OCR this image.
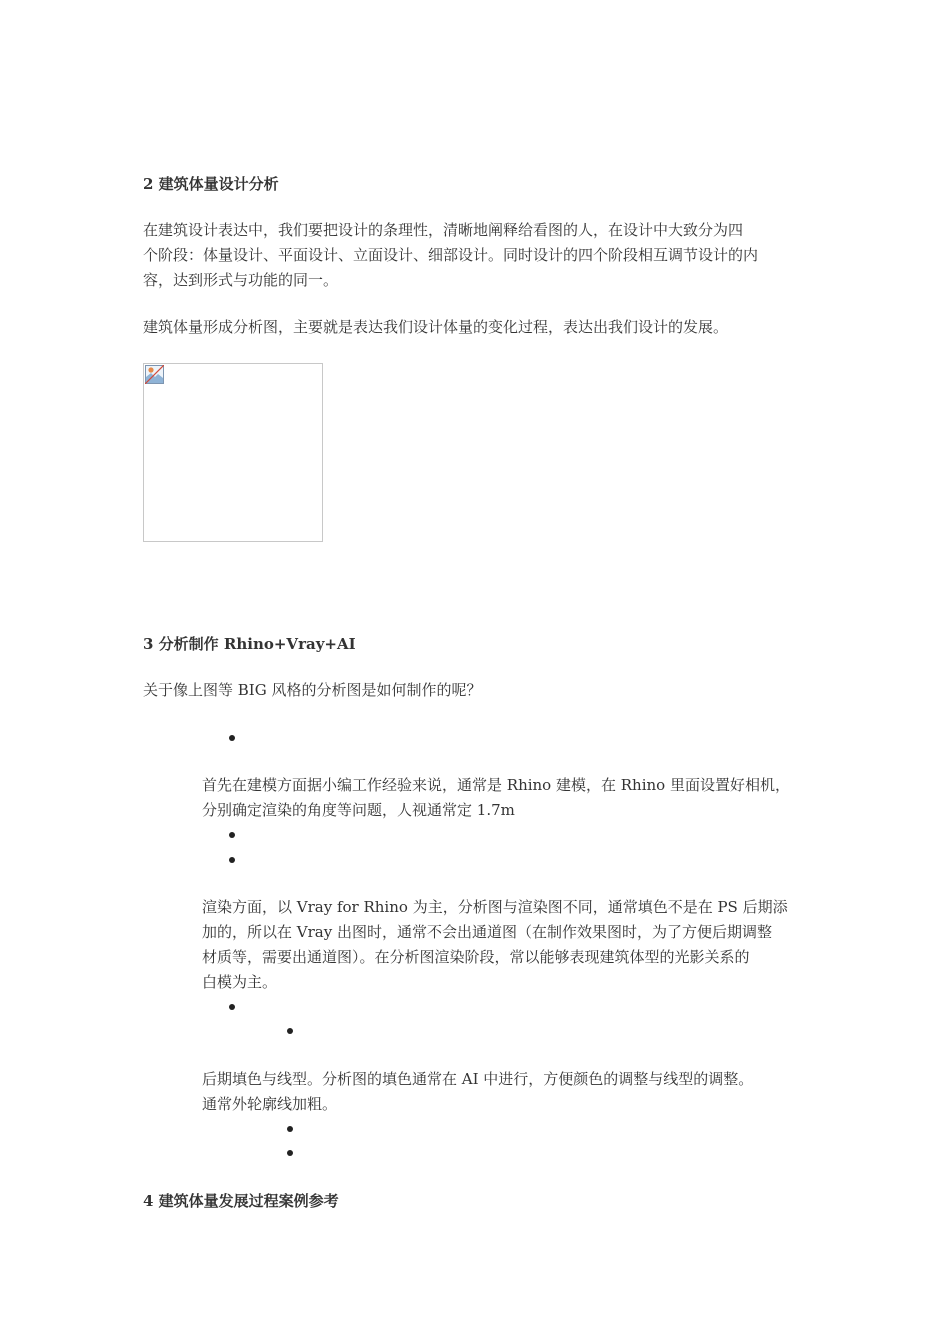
2 建筑体量设计分析
在建筑设计表达中，我们要把设计的条理性，清晰地阐释给看图的人，在设计中大致分为四
个阶段：体量设计、平面设计、立面设计、细部设计。同时设计的四个阶段相互调节设计的内
容，达到形式与功能的同一。
建筑体量形成分析图，主要就是表达我们设计体量的变化过程，表达出我们设计的发展。
3 分析制作 Rhino+Vray+AI
关于像上图等 BIG 风格的分析图是如何制作的呢？
首先在建模方面据小编工作经验来说，通常是 Rhino 建模，在 Rhino 里面设置好相机，
分别确定渲染的角度等问题，人视通常定 1.7m
渲染方面，以 Vray for Rhino 为主，分析图与渲染图不同，通常填色不是在 PS 后期添
加的，所以在 Vray 出图时，通常不会出通道图（在制作效果图时，为了方便后期调整
材质等，需要出通道图）。在分析图渲染阶段，常以能够表现建筑体型的光影关系的
白模为主。
后期填色与线型。分析图的填色通常在 AI 中进行，方便颜色的调整与线型的调整。
通常外轮廓线加粗。
4 建筑体量发展过程案例参考
